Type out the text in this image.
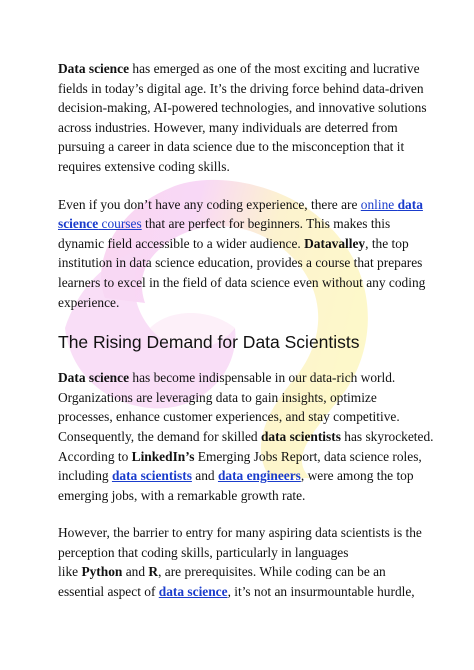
Data science has emerged as one of the most exciting and lucrative fields in today’s digital age. It’s the driving force behind data-driven decision-making, AI-powered technologies, and innovative solutions across industries. However, many individuals are deterred from pursuing a career in data science due to the misconception that it requires extensive coding skills.

Even if you don’t have any coding experience, there are online data science courses that are perfect for beginners. This makes this dynamic field accessible to a wider audience. Datavalley, the top institution in data science education, provides a course that prepares learners to excel in the field of data science even without any coding experience.

The Rising Demand for Data Scientists

Data science has become indispensable in our data-rich world. Organizations are leveraging data to gain insights, optimize processes, enhance customer experiences, and stay competitive. Consequently, the demand for skilled data scientists has skyrocketed. According to LinkedIn’s Emerging Jobs Report, data science roles, including data scientists and data engineers, were among the top emerging jobs, with a remarkable growth rate.

However, the barrier to entry for many aspiring data scientists is the perception that coding skills, particularly in languages
like Python and R, are prerequisites. While coding can be an essential aspect of data science, it’s not an insurmountable hurdle,
